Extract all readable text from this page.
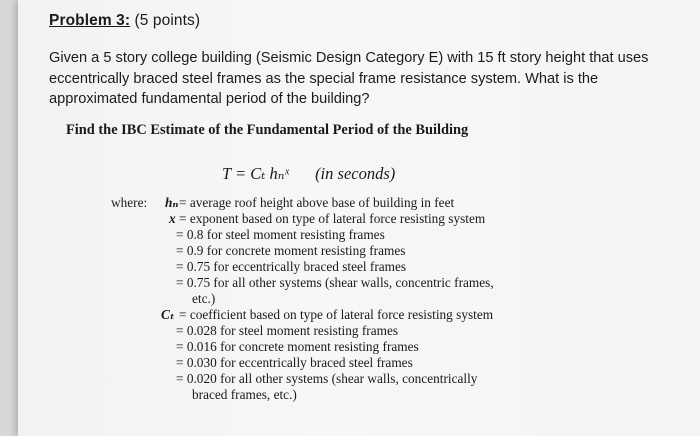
Problem 3: (5 points)
Given a 5 story college building (Seismic Design Category E) with 15 ft story height that uses eccentrically braced steel frames as the special frame resistance system. What is the approximated fundamental period of the building?
Find the IBC Estimate of the Fundamental Period of the Building
T = Cₜ hₙˣ (in seconds)
where: hₙ = average roof height above base of building in feet
x = exponent based on type of lateral force resisting system
= 0.8 for steel moment resisting frames
= 0.9 for concrete moment resisting frames
= 0.75 for eccentrically braced steel frames
= 0.75 for all other systems (shear walls, concentric frames,
etc.)
Cₜ = coefficient based on type of lateral force resisting system
= 0.028 for steel moment resisting frames
= 0.016 for concrete moment resisting frames
= 0.030 for eccentrically braced steel frames
= 0.020 for all other systems (shear walls, concentrically
braced frames, etc.)
